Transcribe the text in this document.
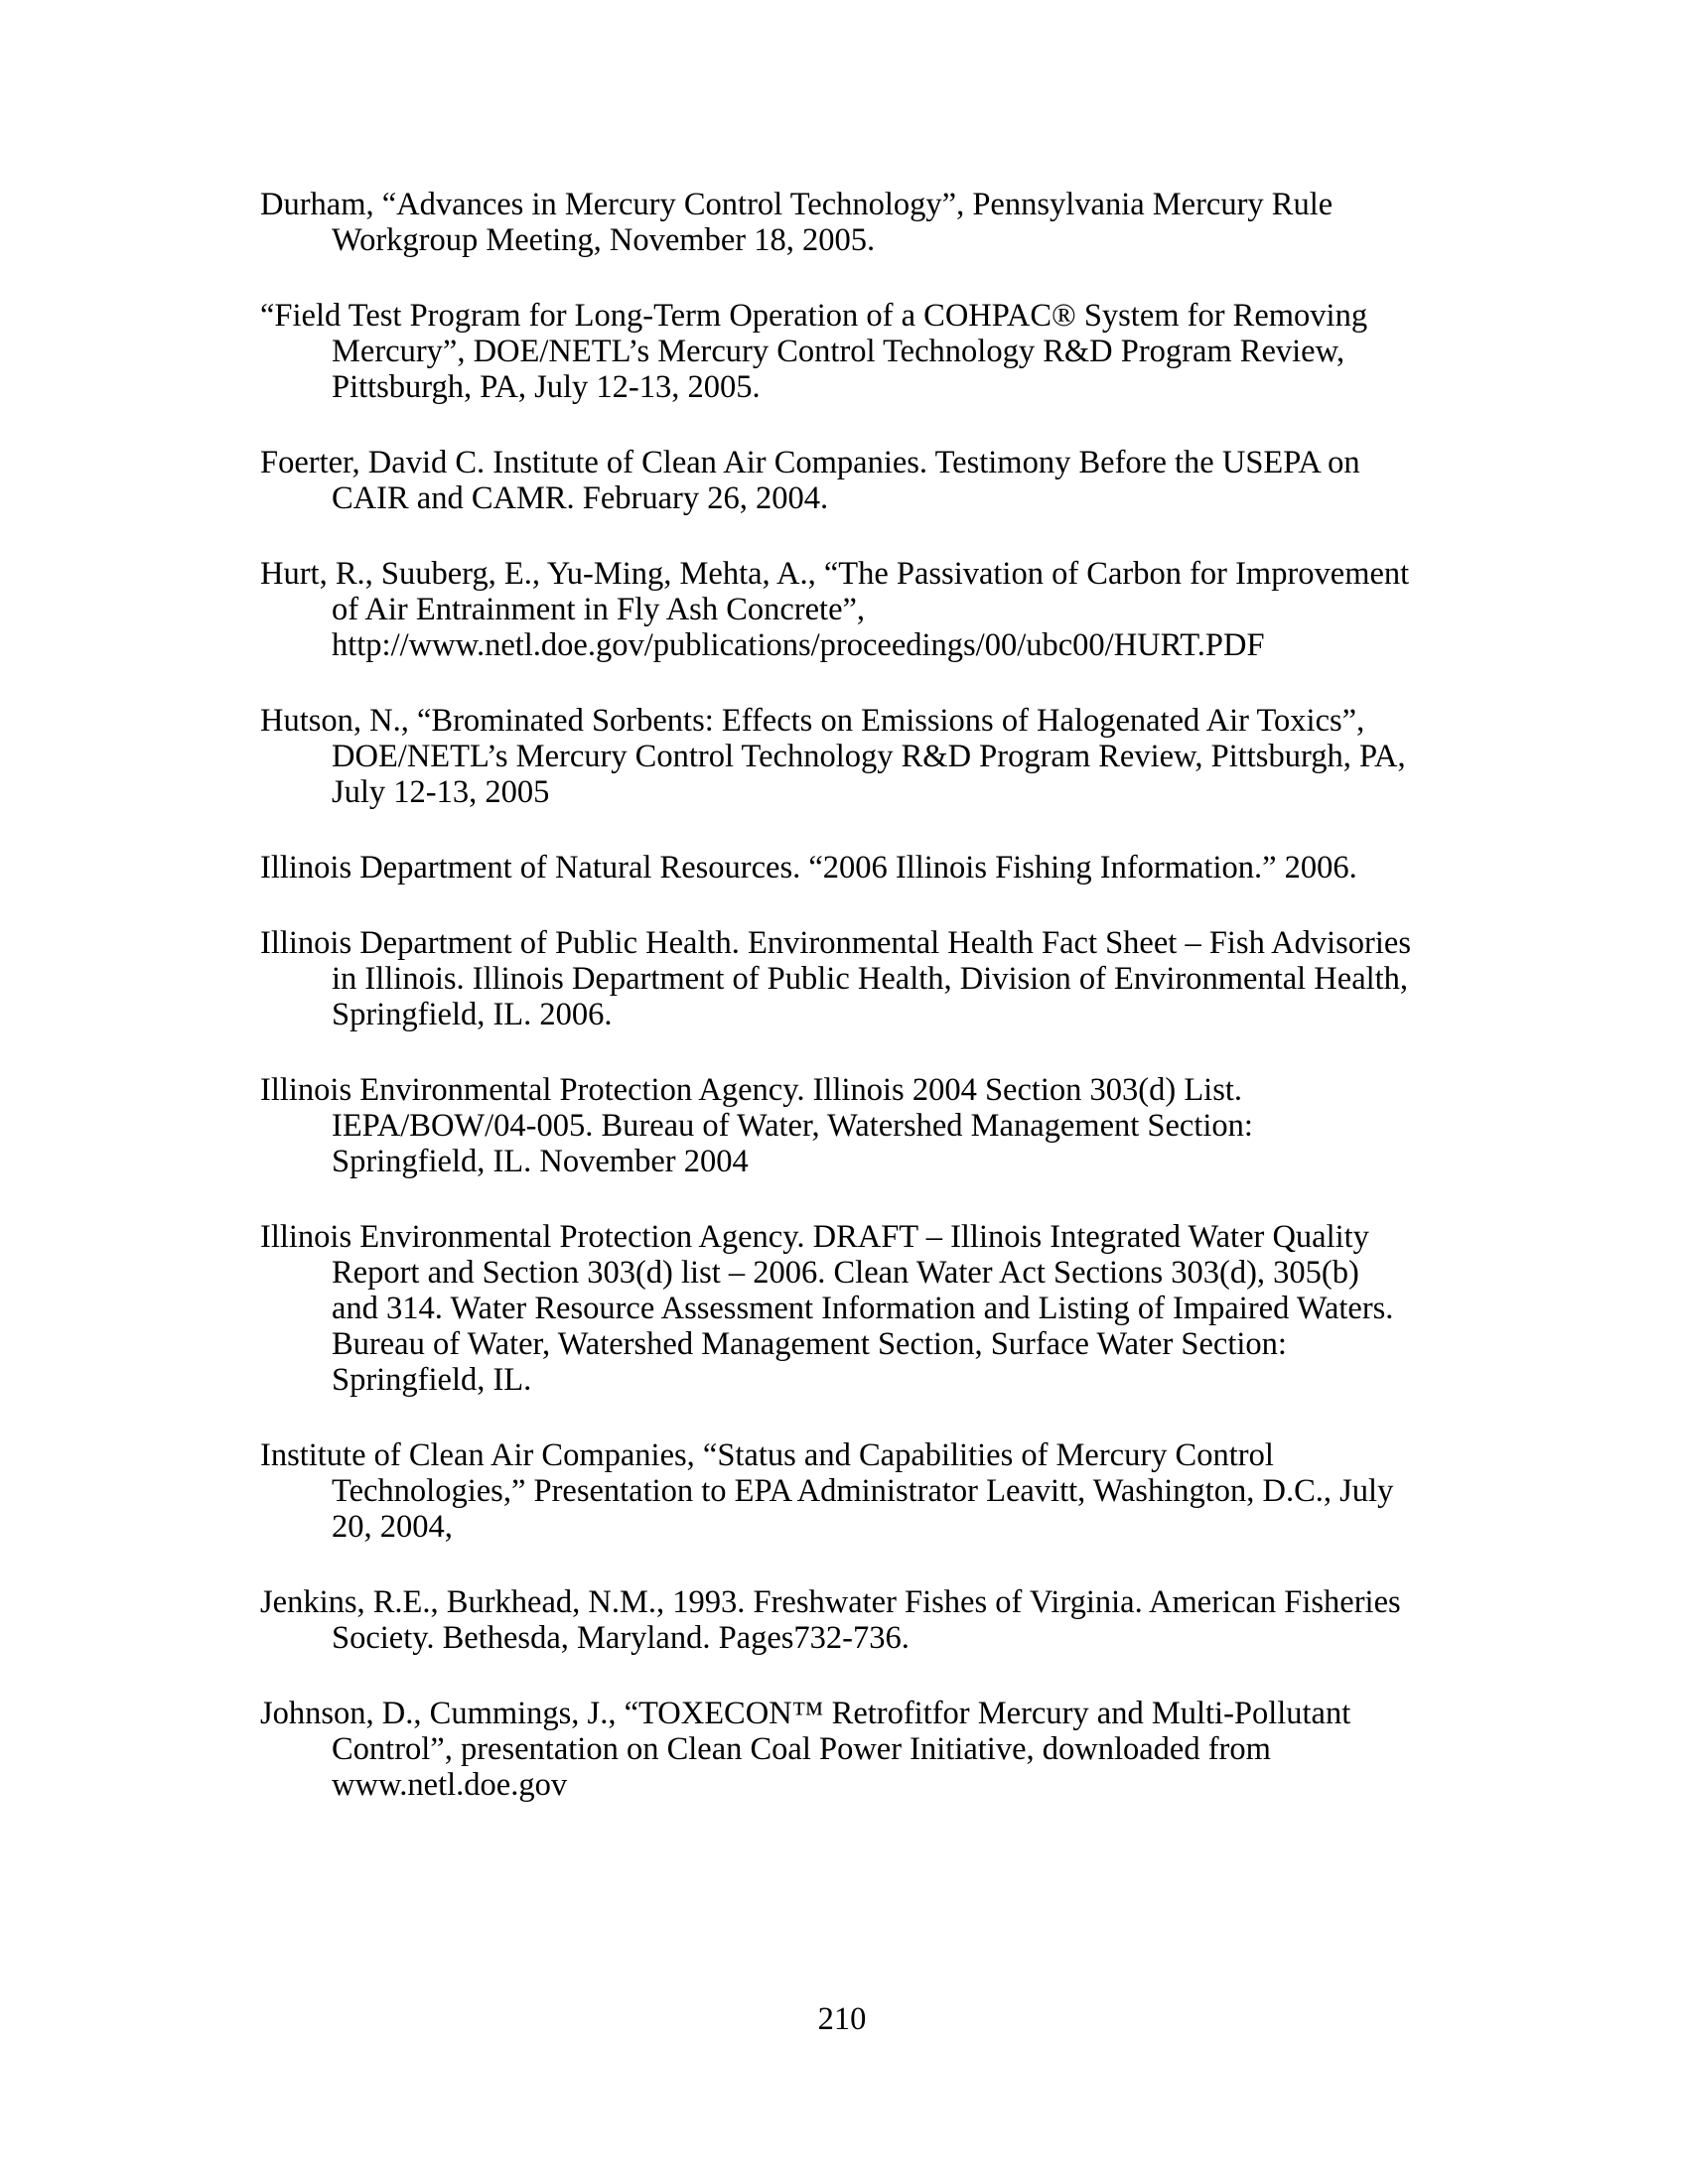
Durham, “Advances in Mercury Control Technology”, Pennsylvania Mercury Rule
Workgroup Meeting, November 18, 2005.
“Field Test Program for Long-Term Operation of a COHPAC® System for Removing
Mercury”, DOE/NETL’s Mercury Control Technology R&D Program Review,
Pittsburgh, PA, July 12-13, 2005.
Foerter, David C. Institute of Clean Air Companies. Testimony Before the USEPA on
CAIR and CAMR. February 26, 2004.
Hurt, R., Suuberg, E., Yu-Ming, Mehta, A., “The Passivation of Carbon for Improvement
of Air Entrainment in Fly Ash Concrete”,
http://www.netl.doe.gov/publications/proceedings/00/ubc00/HURT.PDF
Hutson, N., “Brominated Sorbents: Effects on Emissions of Halogenated Air Toxics”,
DOE/NETL’s Mercury Control Technology R&D Program Review, Pittsburgh, PA,
July 12-13, 2005
Illinois Department of Natural Resources. “2006 Illinois Fishing Information.” 2006.
Illinois Department of Public Health. Environmental Health Fact Sheet – Fish Advisories
in Illinois. Illinois Department of Public Health, Division of Environmental Health,
Springfield, IL. 2006.
Illinois Environmental Protection Agency. Illinois 2004 Section 303(d) List.
IEPA/BOW/04-005. Bureau of Water, Watershed Management Section:
Springfield, IL. November 2004
Illinois Environmental Protection Agency. DRAFT – Illinois Integrated Water Quality
Report and Section 303(d) list – 2006. Clean Water Act Sections 303(d), 305(b)
and 314. Water Resource Assessment Information and Listing of Impaired Waters.
Bureau of Water, Watershed Management Section, Surface Water Section:
Springfield, IL.
Institute of Clean Air Companies, “Status and Capabilities of Mercury Control
Technologies,” Presentation to EPA Administrator Leavitt, Washington, D.C., July
20, 2004,
Jenkins, R.E., Burkhead, N.M., 1993. Freshwater Fishes of Virginia. American Fisheries
Society. Bethesda, Maryland. Pages732-736.
Johnson, D., Cummings, J., “TOXECON™ Retrofitfor Mercury and Multi-Pollutant
Control”, presentation on Clean Coal Power Initiative, downloaded from
www.netl.doe.gov
210
